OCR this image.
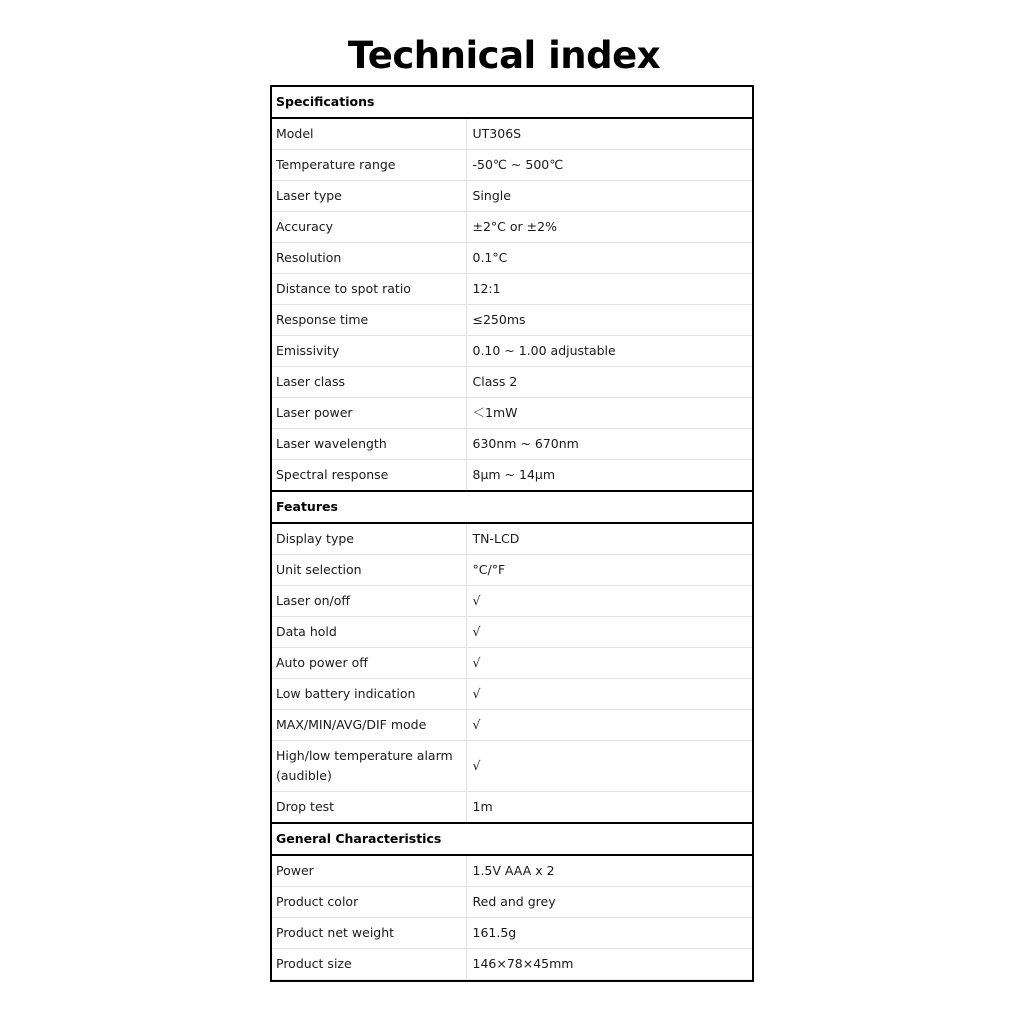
Technical index
Specifications	
Model	UT306S
Temperature range	-50℃ ~ 500℃
Laser type	Single
Accuracy	±2°C or ±2%
Resolution	0.1°C
Distance to spot ratio	12:1
Response time	≤250ms
Emissivity	0.10 ~ 1.00 adjustable
Laser class	Class 2
Laser power	＜1mW
Laser wavelength	630nm ~ 670nm
Spectral response	8μm ~ 14μm
Features	
Display type	TN-LCD
Unit selection	°C/°F
Laser on/off	√
Data hold	√
Auto power off	√
Low battery indication	√
MAX/MIN/AVG/DIF mode	√
High/low temperature alarm (audible)	√
Drop test	1m
General Characteristics	
Power	1.5V AAA x 2
Product color	Red and grey
Product net weight	161.5g
Product size	146×78×45mm
